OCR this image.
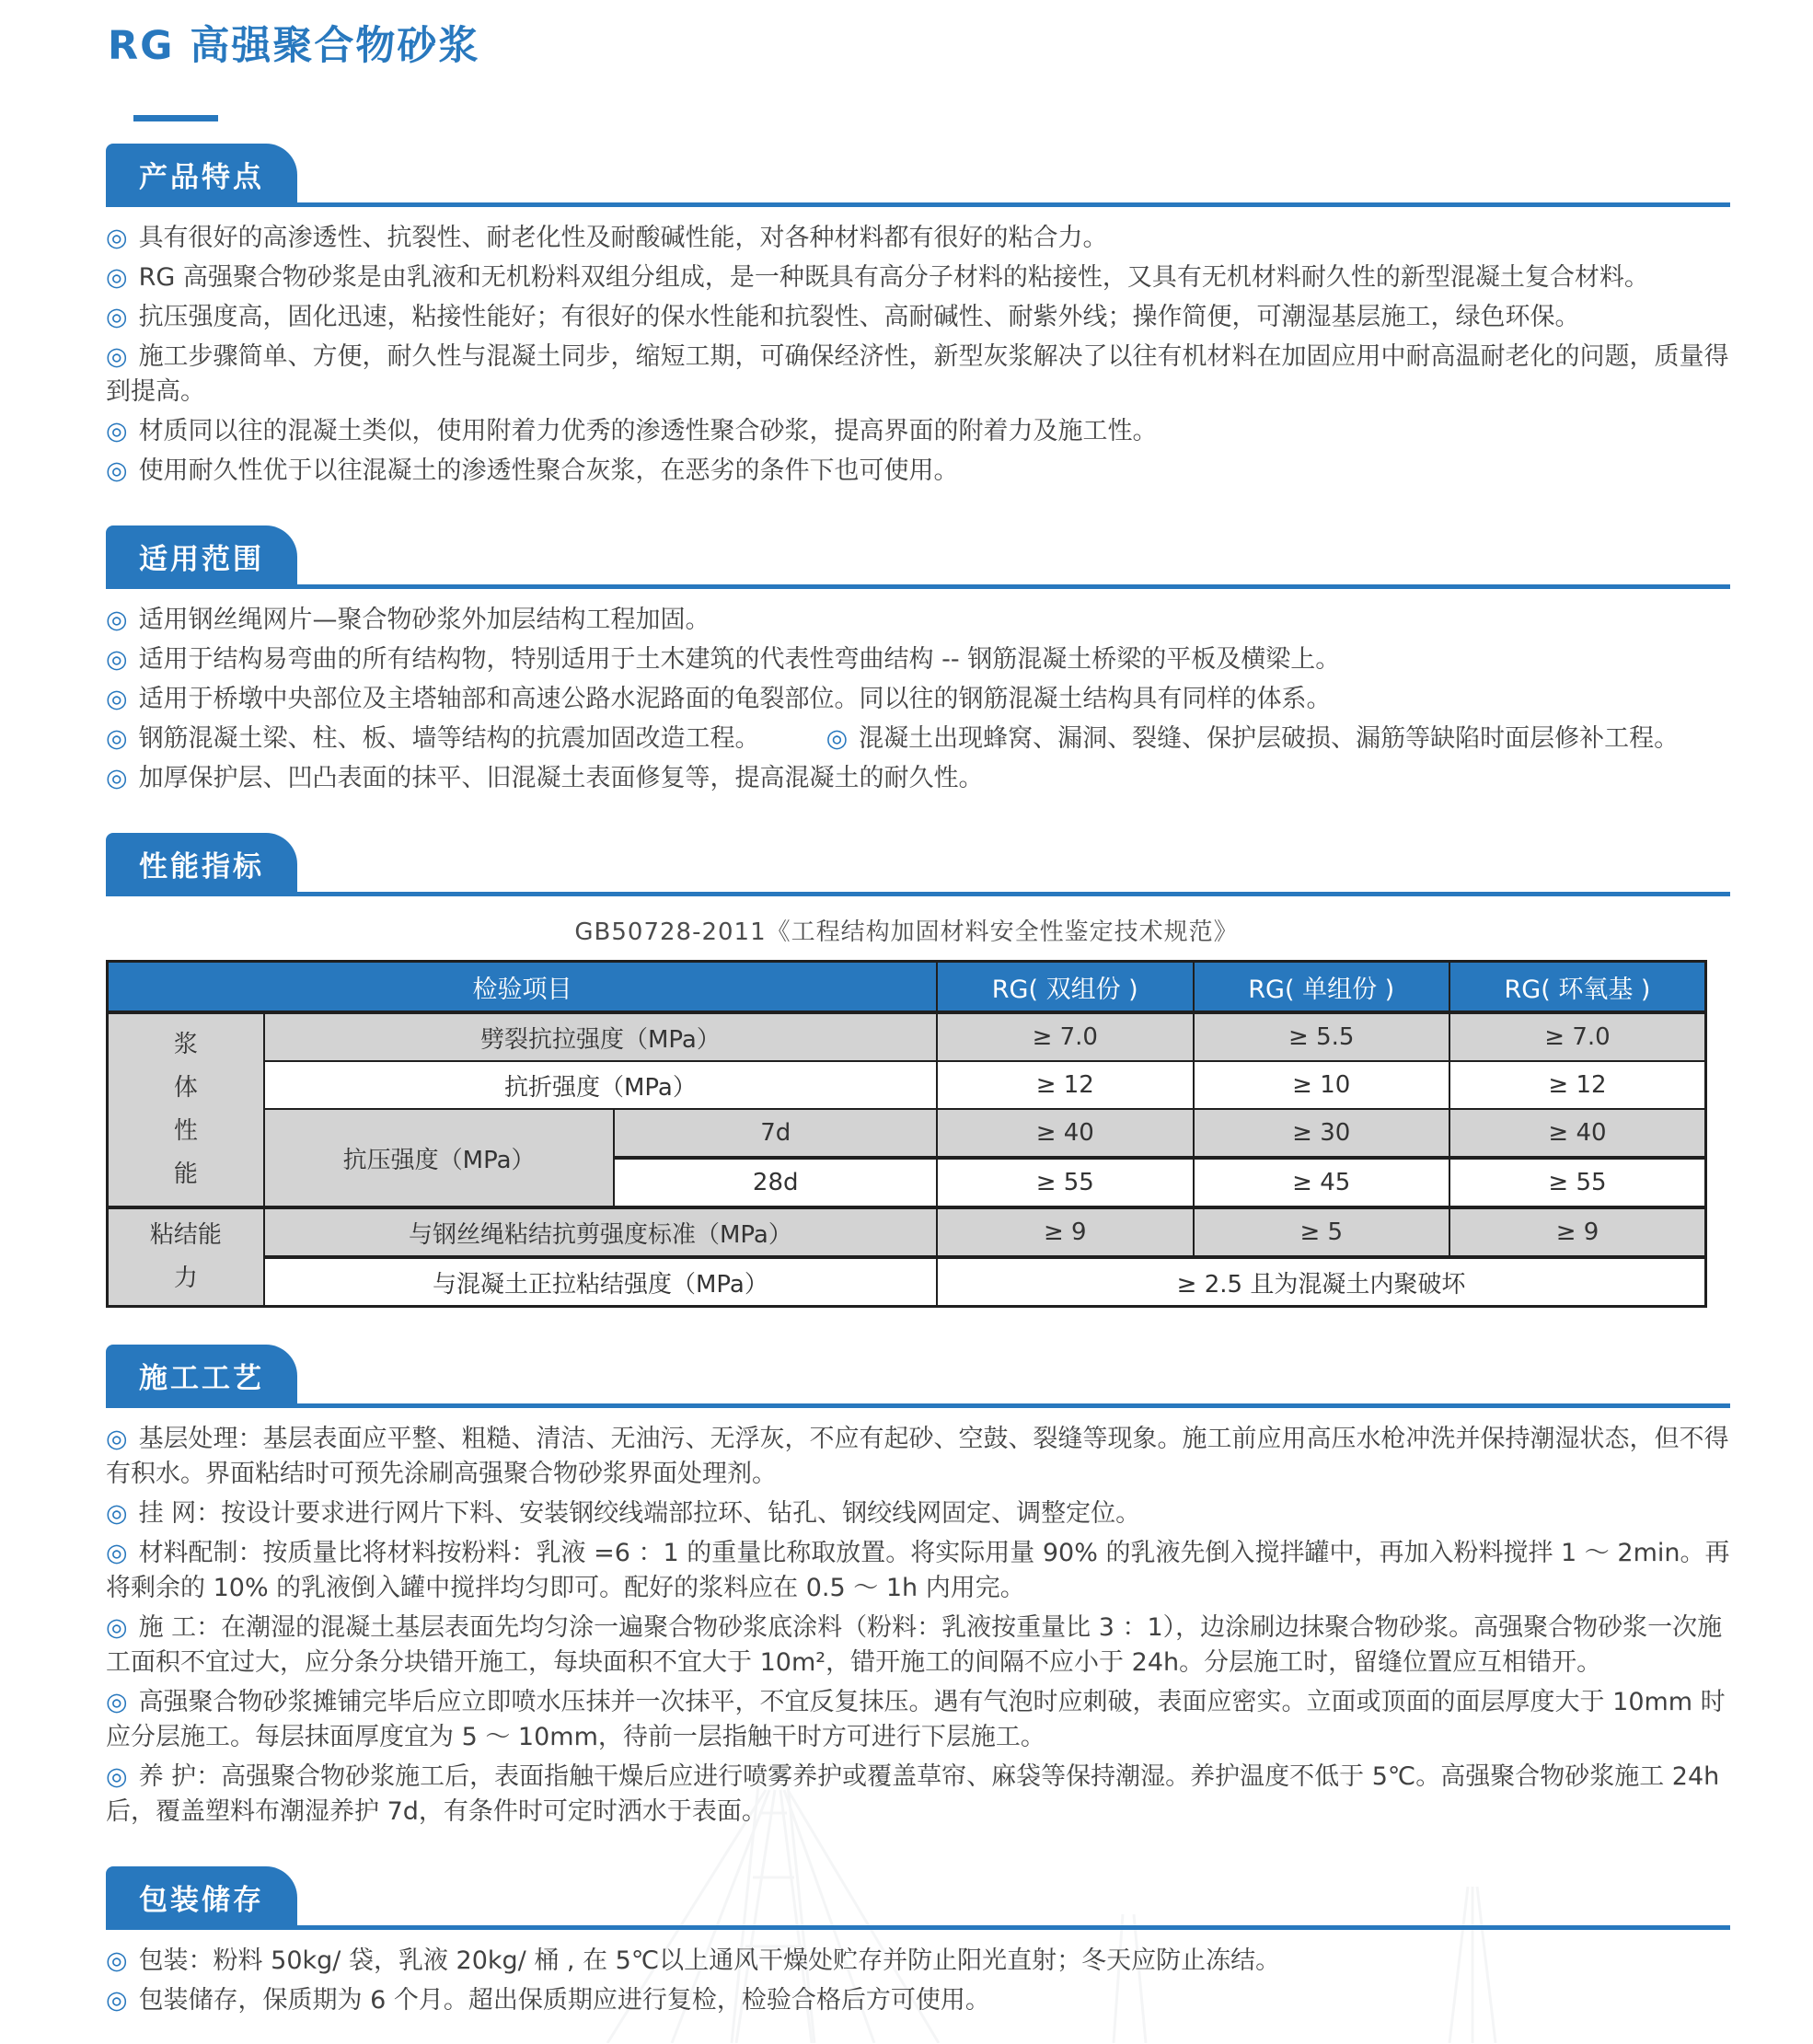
RG 高强聚合物砂浆
产品特点

◎ 具有很好的高渗透性、抗裂性、耐老化性及耐酸碱性能，对各种材料都有很好的粘合力。

◎ RG 高强聚合物砂浆是由乳液和无机粉料双组分组成，是一种既具有高分子材料的粘接性，又具有无机材料耐久性的新型混凝土复合材料。

◎ 抗压强度高，固化迅速，粘接性能好；有很好的保水性能和抗裂性、高耐碱性、耐紫外线；操作简便，可潮湿基层施工，绿色环保。

◎ 施工步骤简单、方便，耐久性与混凝土同步，缩短工期，可确保经济性，新型灰浆解决了以往有机材料在加固应用中耐高温耐老化的问题，质量得到提高。

◎ 材质同以往的混凝土类似，使用附着力优秀的渗透性聚合砂浆，提高界面的附着力及施工性。

◎ 使用耐久性优于以往混凝土的渗透性聚合灰浆，在恶劣的条件下也可使用。

适用范围

◎ 适用钢丝绳网片—聚合物砂浆外加层结构工程加固。

◎ 适用于结构易弯曲的所有结构物，特别适用于土木建筑的代表性弯曲结构 -- 钢筋混凝土桥梁的平板及横梁上。

◎ 适用于桥墩中央部位及主塔轴部和高速公路水泥路面的龟裂部位。同以往的钢筋混凝土结构具有同样的体系。

◎ 钢筋混凝土梁、柱、板、墙等结构的抗震加固改造工程。	◎ 混凝土出现蜂窝、漏洞、裂缝、保护层破损、漏筋等缺陷时面层修补工程。

◎ 加厚保护层、凹凸表面的抹平、旧混凝土表面修复等，提高混凝土的耐久性。

性能指标
GB50728-2011《工程结构加固材料安全性鉴定技术规范》
检验项目			RG( 双组份 )	RG( 单组份 )	RG( 环氧基 )
浆体性能	劈裂抗拉强度（MPa）		≥ 7.0	≥ 5.5	≥ 7.0
	抗折强度（MPa）		≥ 12	≥ 10	≥ 12
	抗压强度（MPa）	7d	≥ 40	≥ 30	≥ 40
		28d	≥ 55	≥ 45	≥ 55
粘结能力	与钢丝绳粘结抗剪强度标准（MPa）		≥ 9	≥ 5	≥ 9
	与混凝土正拉粘结强度（MPa）		≥ 2.5 且为混凝土内聚破坏		
施工工艺

◎ 基层处理：基层表面应平整、粗糙、清洁、无油污、无浮灰，不应有起砂、空鼓、裂缝等现象。施工前应用高压水枪冲洗并保持潮湿状态，但不得有积水。界面粘结时可预先涂刷高强聚合物砂浆界面处理剂。

◎ 挂 网：按设计要求进行网片下料、安装钢绞线端部拉环、钻孔、钢绞线网固定、调整定位。

◎ 材料配制：按质量比将材料按粉料：乳液 =6 ：1 的重量比称取放置。将实际用量 90% 的乳液先倒入搅拌罐中，再加入粉料搅拌 1 ～ 2min。再将剩余的 10% 的乳液倒入罐中搅拌均匀即可。配好的浆料应在 0.5 ～ 1h 内用完。

◎ 施 工：在潮湿的混凝土基层表面先均匀涂一遍聚合物砂浆底涂料（粉料：乳液按重量比 3 ：1），边涂刷边抹聚合物砂浆。高强聚合物砂浆一次施工面积不宜过大，应分条分块错开施工，每块面积不宜大于 10m²，错开施工的间隔不应小于 24h。分层施工时，留缝位置应互相错开。

◎ 高强聚合物砂浆摊铺完毕后应立即喷水压抹并一次抹平，不宜反复抹压。遇有气泡时应刺破，表面应密实。立面或顶面的面层厚度大于 10mm 时应分层施工。每层抹面厚度宜为 5 ～ 10mm，待前一层指触干时方可进行下层施工。

◎ 养 护：高强聚合物砂浆施工后，表面指触干燥后应进行喷雾养护或覆盖草帘、麻袋等保持潮湿。养护温度不低于 5℃。高强聚合物砂浆施工 24h 后，覆盖塑料布潮湿养护 7d，有条件时可定时洒水于表面。

包装储存

◎ 包装：粉料 50kg/ 袋，乳液 20kg/ 桶 , 在 5℃以上通风干燥处贮存并防止阳光直射；冬天应防止冻结。

◎ 包装储存，保质期为 6 个月。超出保质期应进行复检，检验合格后方可使用。
